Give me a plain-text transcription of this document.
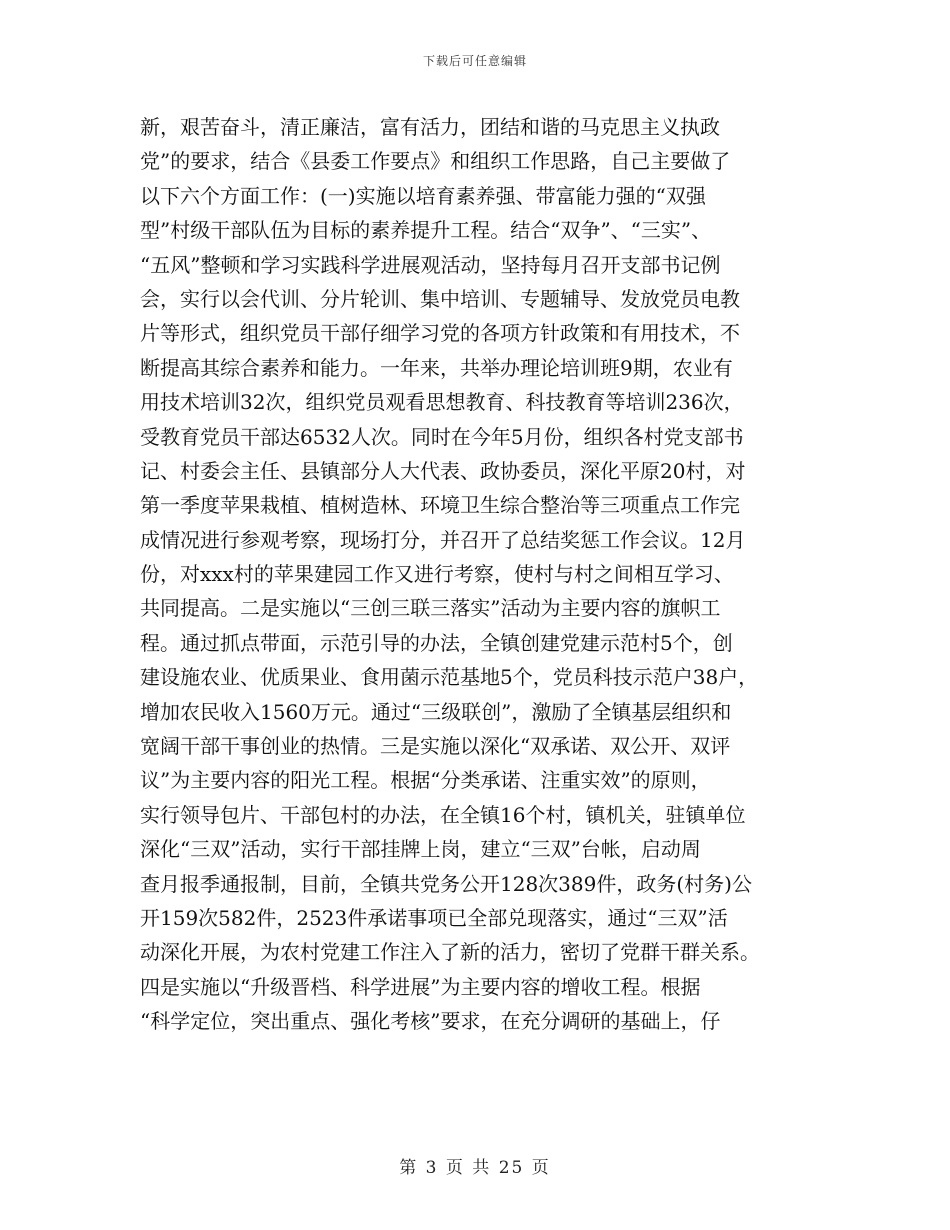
下载后可任意编辑
新，艰苦奋斗，清正廉洁，富有活力，团结和谐的马克思主义执政
党”的要求，结合《县委工作要点》和组织工作思路，自己主要做了
以下六个方面工作：(一)实施以培育素养强、带富能力强的“双强
型”村级干部队伍为目标的素养提升工程。结合“双争”、“三实”、
“五风”整顿和学习实践科学进展观活动，坚持每月召开支部书记例
会，实行以会代训、分片轮训、集中培训、专题辅导、发放党员电教
片等形式，组织党员干部仔细学习党的各项方针政策和有用技术，不
断提高其综合素养和能力。一年来，共举办理论培训班9期，农业有
用技术培训32次，组织党员观看思想教育、科技教育等培训236次，
受教育党员干部达6532人次。同时在今年5月份，组织各村党支部书
记、村委会主任、县镇部分人大代表、政协委员，深化平原20村，对
第一季度苹果栽植、植树造林、环境卫生综合整治等三项重点工作完
成情况进行参观考察，现场打分，并召开了总结奖惩工作会议。12月
份，对xxx村的苹果建园工作又进行考察，使村与村之间相互学习、
共同提高。二是实施以“三创三联三落实”活动为主要内容的旗帜工
程。通过抓点带面，示范引导的办法，全镇创建党建示范村5个，创
建设施农业、优质果业、食用菌示范基地5个，党员科技示范户38户，
增加农民收入1560万元。通过“三级联创”，激励了全镇基层组织和
宽阔干部干事创业的热情。三是实施以深化“双承诺、双公开、双评
议”为主要内容的阳光工程。根据“分类承诺、注重实效”的原则，
实行领导包片、干部包村的办法，在全镇16个村，镇机关，驻镇单位
深化“三双”活动，实行干部挂牌上岗，建立“三双”台帐，启动周
查月报季通报制，目前，全镇共党务公开128次389件，政务(村务)公
开159次582件，2523件承诺事项已全部兑现落实，通过“三双”活
动深化开展，为农村党建工作注入了新的活力，密切了党群干群关系。
四是实施以“升级晋档、科学进展”为主要内容的增收工程。根据
“科学定位，突出重点、强化考核”要求，在充分调研的基础上，仔
第 3 页 共 25 页
